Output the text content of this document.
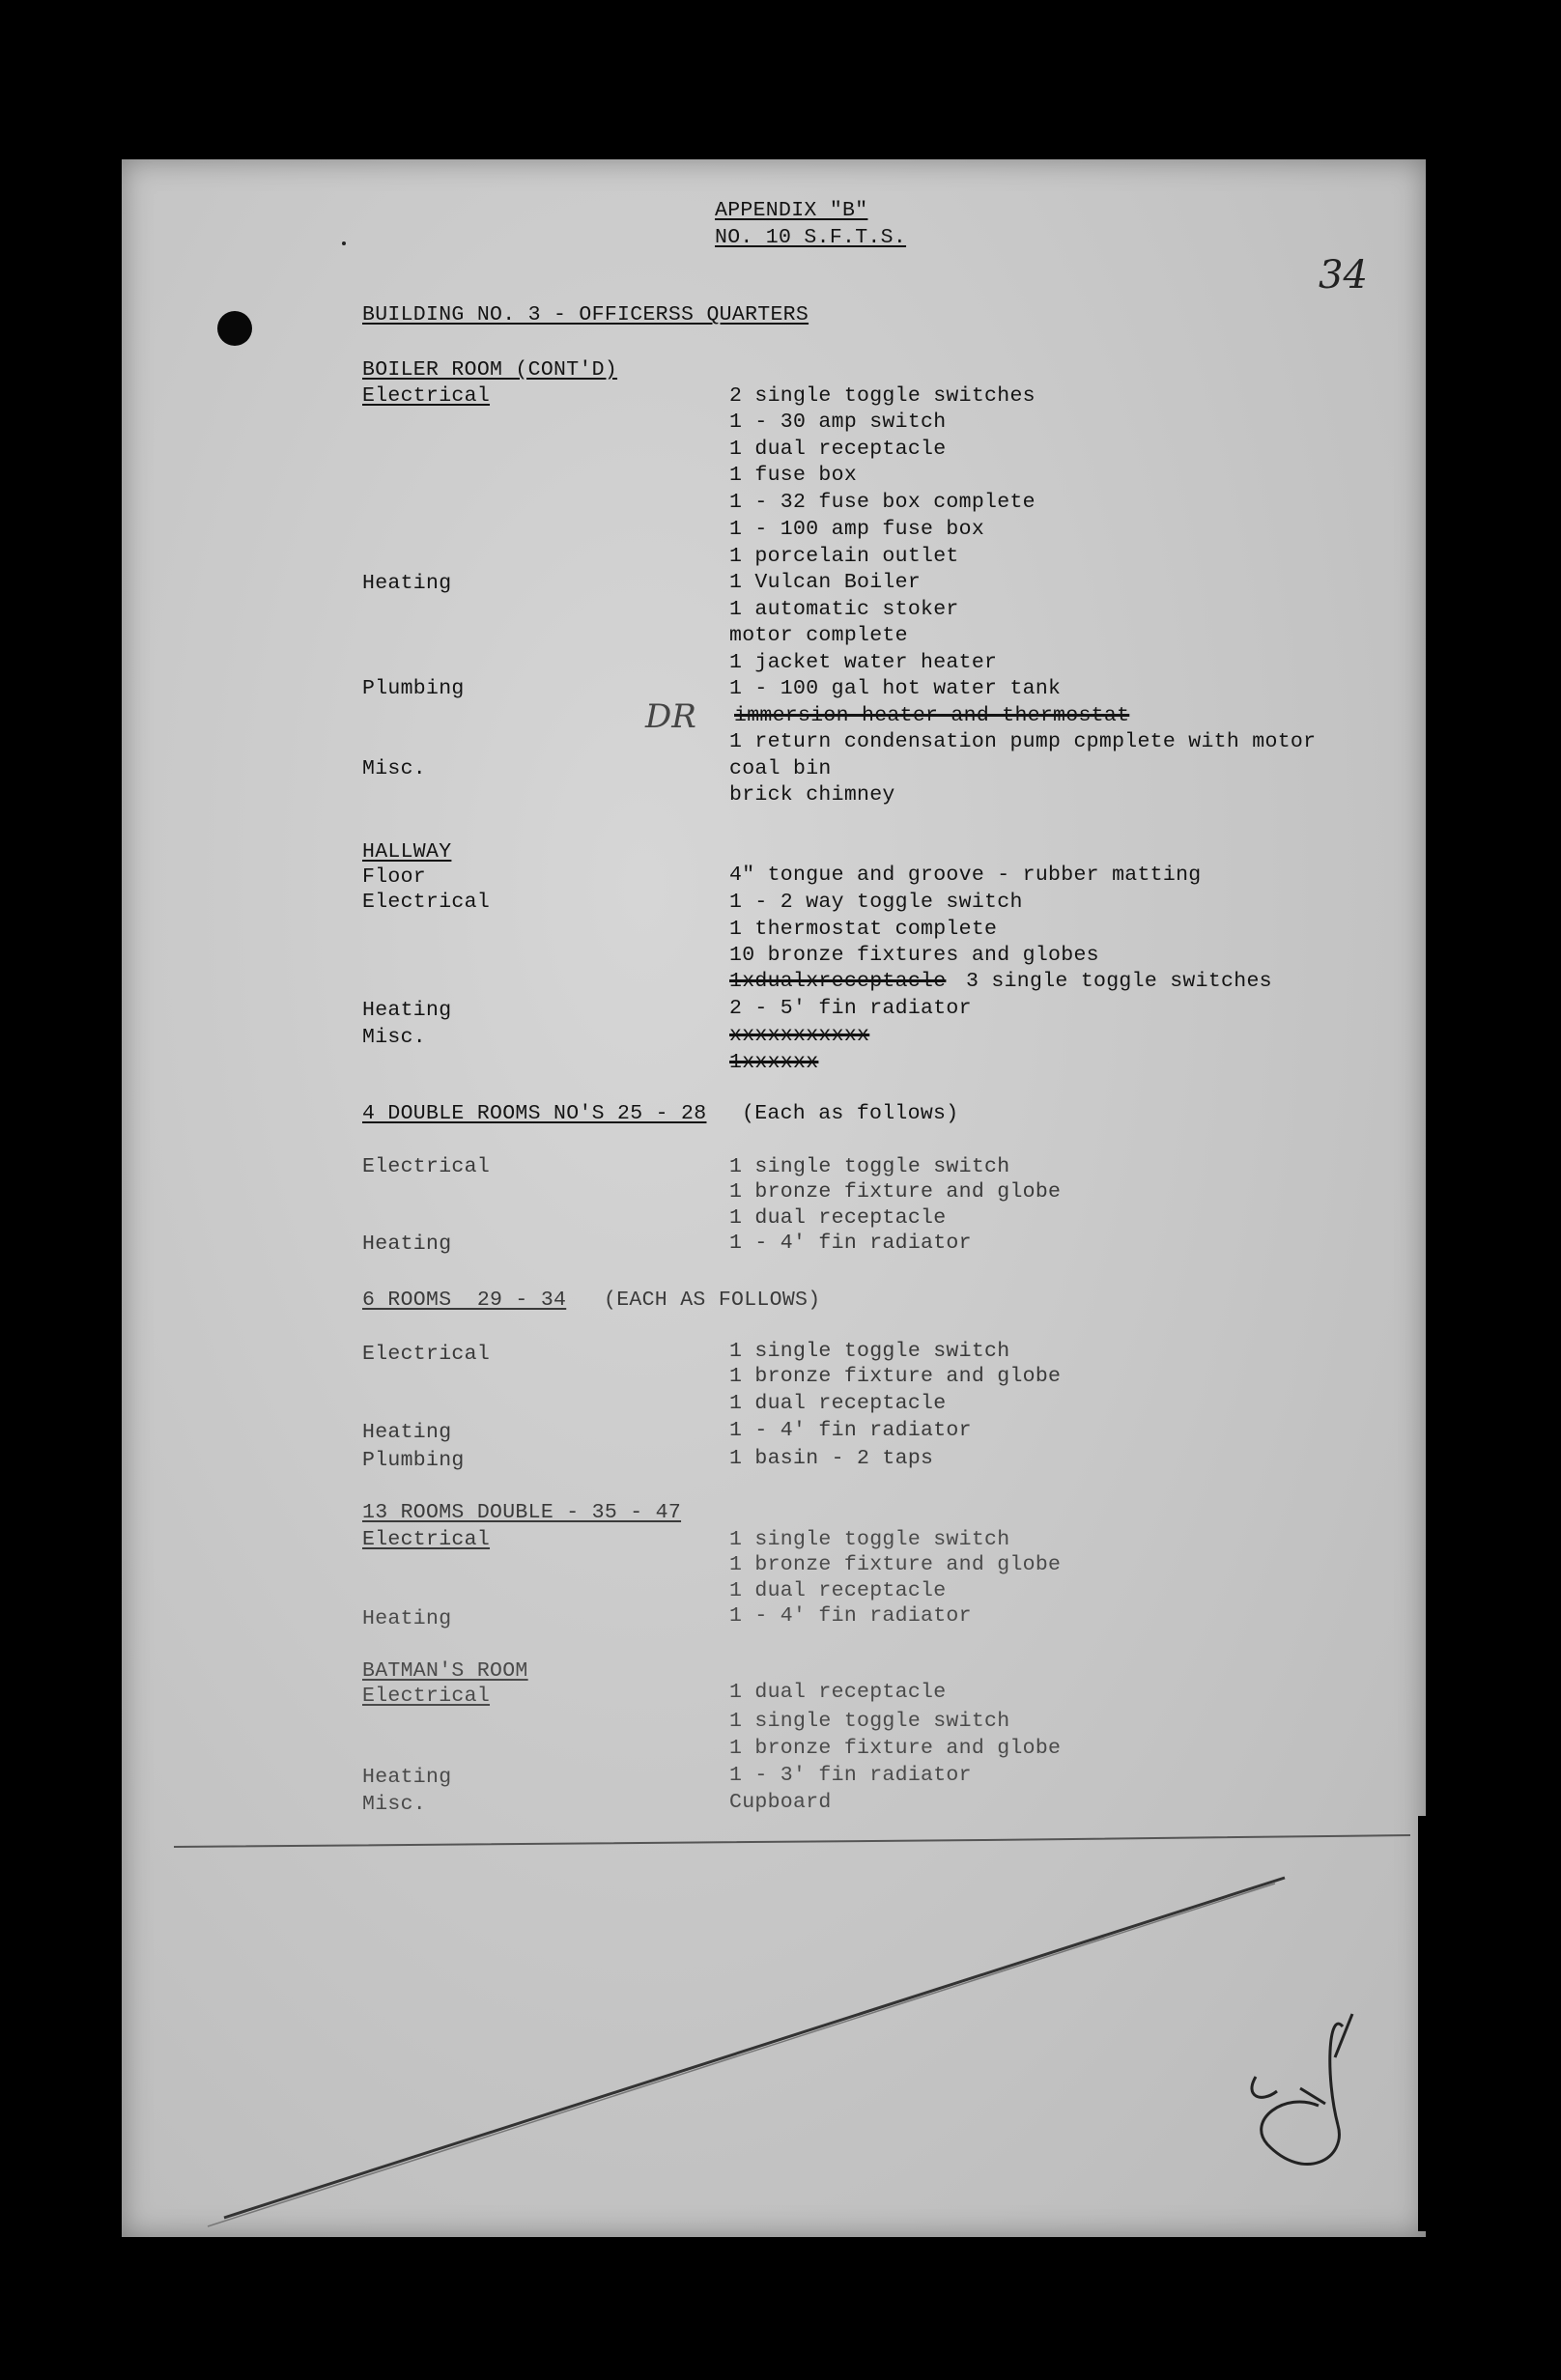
APPENDIX "B"
NO. 10 S.F.T.S.
34
BUILDING NO. 3 - OFFICERSS QUARTERS
BOILER ROOM (CONT'D)
Electrical
Heating
Plumbing
Misc.
2 single toggle switches
1 - 30 amp switch
1 dual receptacle
1 fuse box
1 - 32 fuse box complete
1 - 100 amp fuse box
1 porcelain outlet
1 Vulcan Boiler
1 automatic stoker
motor complete
1 jacket water heater
1 - 100 gal hot water tank
immersion heater and thermostat
DR
1 return condensation pump cpmplete with motor
coal bin
brick chimney
HALLWAY
Floor
Electrical
Heating
Misc.
4" tongue and groove - rubber matting
1 - 2 way toggle switch
1 thermostat complete
10 bronze fixtures and globes
1xdualxreceptacle 3 single toggle switches
2 - 5' fin radiator
xxxxxxxxxxx
1xxxxxx
4 DOUBLE ROOMS NO'S 25 - 28 (Each as follows)
Electrical
Heating
1 single toggle switch
1 bronze fixture and globe
1 dual receptacle
1 - 4' fin radiator
6 ROOMS  29 - 34 (EACH AS FOLLOWS)
Electrical
Heating
Plumbing
1 single toggle switch
1 bronze fixture and globe
1 dual receptacle
1 - 4' fin radiator
1 basin - 2 taps
13 ROOMS DOUBLE - 35 - 47
Electrical
Heating
1 single toggle switch
1 bronze fixture and globe
1 dual receptacle
1 - 4' fin radiator
BATMAN'S ROOM
Electrical
Heating
Misc.
1 dual receptacle
1 single toggle switch
1 bronze fixture and globe
1 - 3' fin radiator
Cupboard
